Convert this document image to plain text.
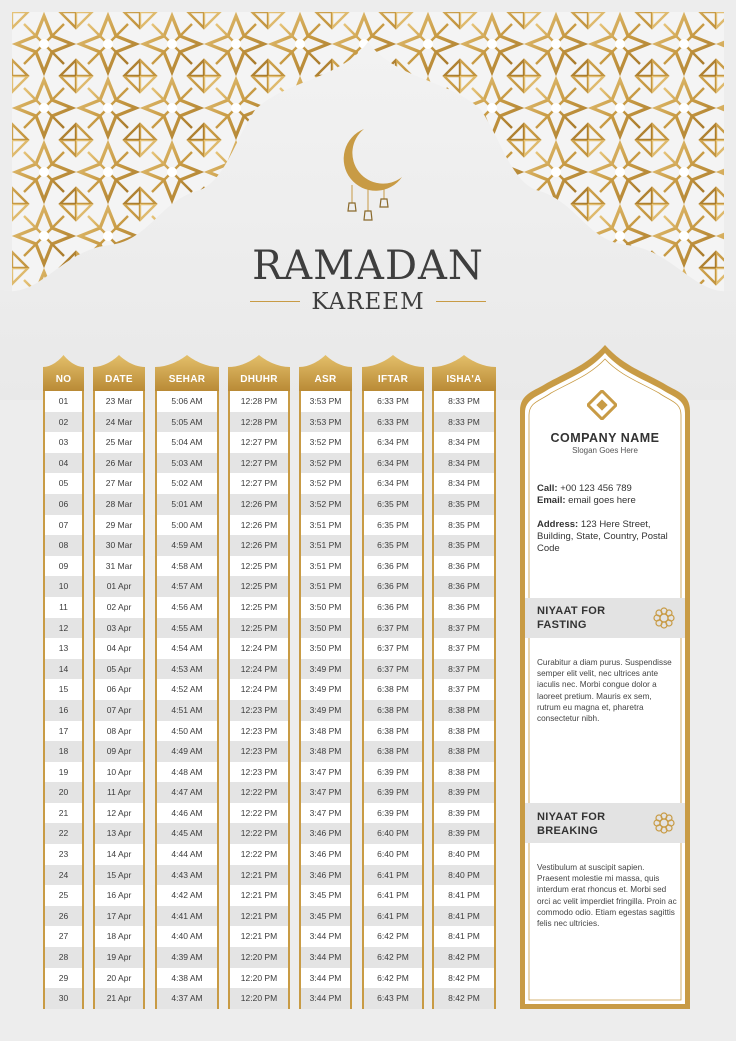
RAMADAN
KAREEM
NO
01
02
03
04
05
06
07
08
09
10
11
12
13
14
15
16
17
18
19
20
21
22
23
24
25
26
27
28
29
30
DATE
23 Mar
24 Mar
25 Mar
26 Mar
27 Mar
28 Mar
29 Mar
30 Mar
31 Mar
01 Apr
02 Apr
03 Apr
04 Apr
05 Apr
06 Apr
07 Apr
08 Apr
09 Apr
10 Apr
11 Apr
12 Apr
13 Apr
14 Apr
15 Apr
16 Apr
17 Apr
18 Apr
19 Apr
20 Apr
21 Apr
SEHAR
5:06 AM
5:05 AM
5:04 AM
5:03 AM
5:02 AM
5:01 AM
5:00 AM
4:59 AM
4:58 AM
4:57 AM
4:56 AM
4:55 AM
4:54 AM
4:53 AM
4:52 AM
4:51 AM
4:50 AM
4:49 AM
4:48 AM
4:47 AM
4:46 AM
4:45 AM
4:44 AM
4:43 AM
4:42 AM
4:41 AM
4:40 AM
4:39 AM
4:38 AM
4:37 AM
DHUHR
12:28 PM
12:28 PM
12:27 PM
12:27 PM
12:27 PM
12:26 PM
12:26 PM
12:26 PM
12:25 PM
12:25 PM
12:25 PM
12:25 PM
12:24 PM
12:24 PM
12:24 PM
12:23 PM
12:23 PM
12:23 PM
12:23 PM
12:22 PM
12:22 PM
12:22 PM
12:22 PM
12:21 PM
12:21 PM
12:21 PM
12:21 PM
12:20 PM
12:20 PM
12:20 PM
ASR
3:53 PM
3:53 PM
3:52 PM
3:52 PM
3:52 PM
3:52 PM
3:51 PM
3:51 PM
3:51 PM
3:51 PM
3:50 PM
3:50 PM
3:50 PM
3:49 PM
3:49 PM
3:49 PM
3:48 PM
3:48 PM
3:47 PM
3:47 PM
3:47 PM
3:46 PM
3:46 PM
3:46 PM
3:45 PM
3:45 PM
3:44 PM
3:44 PM
3:44 PM
3:44 PM
IFTAR
6:33 PM
6:33 PM
6:34 PM
6:34 PM
6:34 PM
6:35 PM
6:35 PM
6:35 PM
6:36 PM
6:36 PM
6:36 PM
6:37 PM
6:37 PM
6:37 PM
6:38 PM
6:38 PM
6:38 PM
6:38 PM
6:39 PM
6:39 PM
6:39 PM
6:40 PM
6:40 PM
6:41 PM
6:41 PM
6:41 PM
6:42 PM
6:42 PM
6:42 PM
6:43 PM
ISHA'A
8:33 PM
8:33 PM
8:34 PM
8:34 PM
8:34 PM
8:35 PM
8:35 PM
8:35 PM
8:36 PM
8:36 PM
8:36 PM
8:37 PM
8:37 PM
8:37 PM
8:37 PM
8:38 PM
8:38 PM
8:38 PM
8:38 PM
8:39 PM
8:39 PM
8:39 PM
8:40 PM
8:40 PM
8:41 PM
8:41 PM
8:41 PM
8:42 PM
8:42 PM
8:42 PM
COMPANY NAME
Slogan Goes Here
Call: +00 123 456 789
Email: email goes here
Address: 123 Here Street, Building, State, Country, Postal Code
NIYAAT FOR FASTING
Curabitur a diam purus. Suspendisse semper elit velit, nec ultrices ante iaculis nec. Morbi congue dolor a laoreet pretium. Mauris ex sem, rutrum eu magna et, pharetra consectetur nibh.
NIYAAT FOR BREAKING
Vestibulum at suscipit sapien. Praesent molestie mi massa, quis interdum erat rhoncus et. Morbi sed orci ac velit imperdiet fringilla. Proin ac commodo odio. Etiam egestas sagittis felis nec ultricies.
